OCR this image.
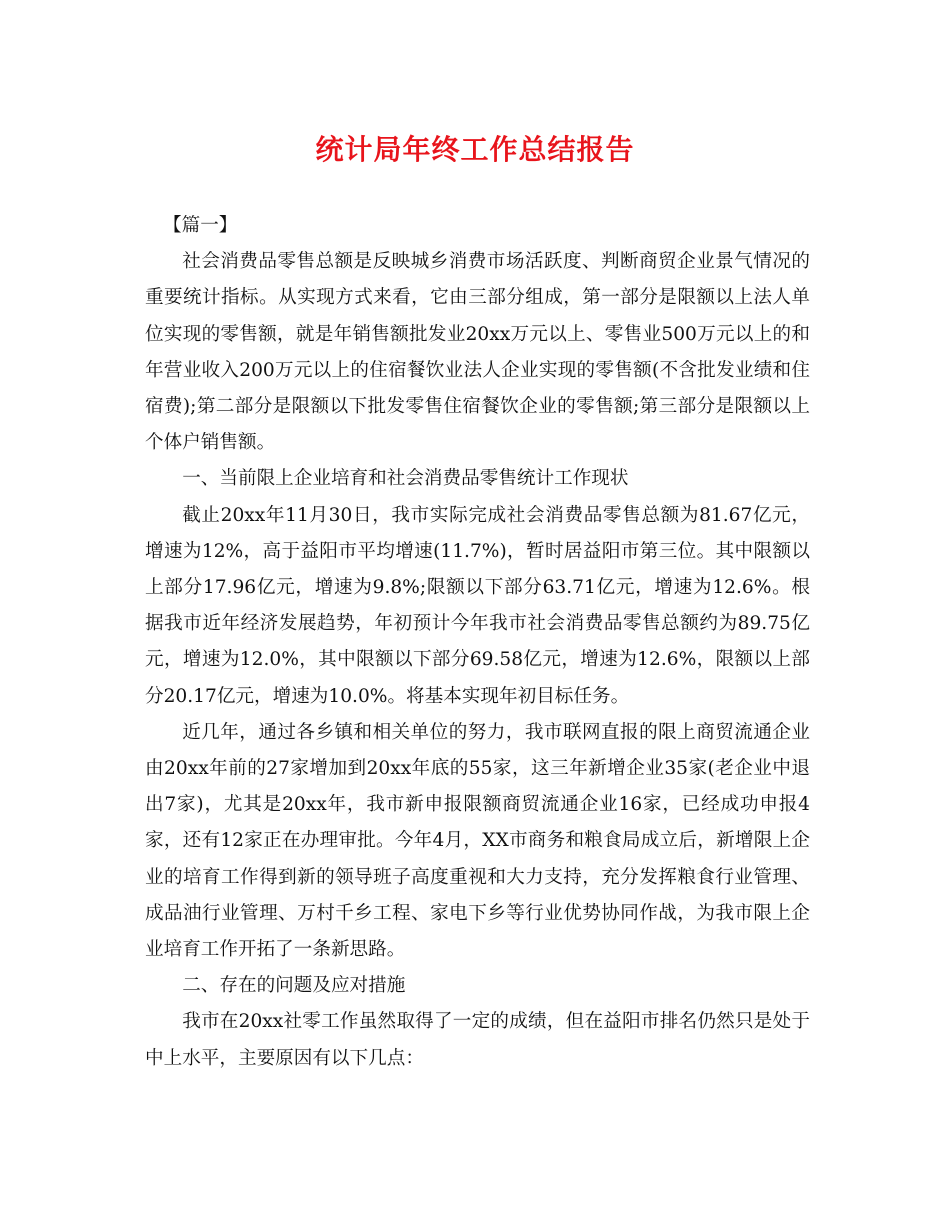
统计局年终工作总结报告

【篇一】

社会消费品零售总额是反映城乡消费市场活跃度、判断商贸企业景气情况的重要统计指标。从实现方式来看，它由三部分组成，第一部分是限额以上法人单位实现的零售额，就是年销售额批发业20xx万元以上、零售业500万元以上的和年营业收入200万元以上的住宿餐饮业法人企业实现的零售额(不含批发业绩和住宿费);第二部分是限额以下批发零售住宿餐饮企业的零售额;第三部分是限额以上个体户销售额。

一、当前限上企业培育和社会消费品零售统计工作现状

截止20xx年11月30日，我市实际完成社会消费品零售总额为81.67亿元，增速为12%，高于益阳市平均增速(11.7%)，暂时居益阳市第三位。其中限额以上部分17.96亿元，增速为9.8%;限额以下部分63.71亿元，增速为12.6%。根据我市近年经济发展趋势，年初预计今年我市社会消费品零售总额约为89.75亿元，增速为12.0%，其中限额以下部分69.58亿元，增速为12.6%，限额以上部分20.17亿元，增速为10.0%。将基本实现年初目标任务。

近几年，通过各乡镇和相关单位的努力，我市联网直报的限上商贸流通企业由20xx年前的27家增加到20xx年底的55家，这三年新增企业35家(老企业中退出7家)，尤其是20xx年，我市新申报限额商贸流通企业16家，已经成功申报4家，还有12家正在办理审批。今年4月，XX市商务和粮食局成立后，新增限上企业的培育工作得到新的领导班子高度重视和大力支持，充分发挥粮食行业管理、成品油行业管理、万村千乡工程、家电下乡等行业优势协同作战，为我市限上企业培育工作开拓了一条新思路。

二、存在的问题及应对措施

我市在20xx社零工作虽然取得了一定的成绩，但在益阳市排名仍然只是处于中上水平，主要原因有以下几点：
